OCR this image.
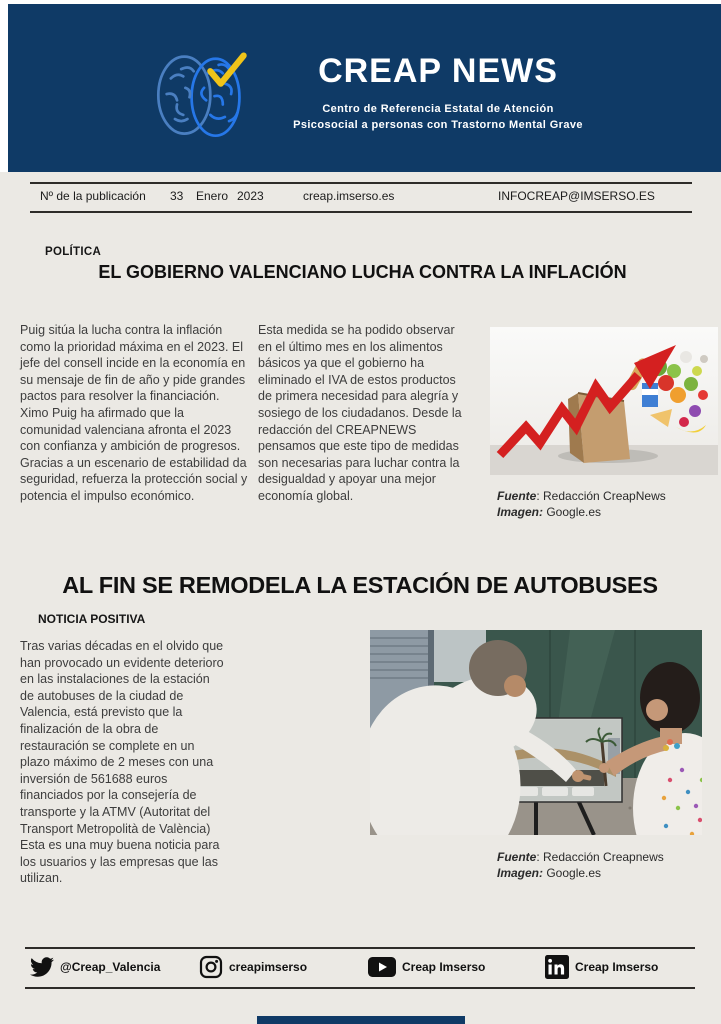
CREAP NEWS
Centro de Referencia Estatal de Atención
Psicosocial a personas con Trastorno Mental Grave
Nº de la publicación 33 Enero 2023	creap.imserso.es	INFOCREAP@IMSERSO.ES
POLÍTICA
EL GOBIERNO VALENCIANO LUCHA CONTRA LA INFLACIÓN

Puig sitúa la lucha contra la inflación como la prioridad máxima en el 2023. El jefe del consell incide en la economía en su mensaje de fin de año y pide grandes pactos para resolver la financiación. Ximo Puig ha afirmado que la comunidad valenciana afronta el 2023 con confianza y ambición de progresos. Gracias a un escenario de estabilidad da seguridad, refuerza la protección social y potencia el impulso económico.

Esta medida se ha podido observar en el último mes en los alimentos básicos ya que el gobierno ha eliminado el IVA de estos productos de primera necesidad para alegría y sosiego de los ciudadanos. Desde la redacción del CREAPNEWS pensamos que este tipo de medidas son necesarias para luchar contra la desigualdad y apoyar una mejor economía global.	Fuente: Redacción CreapNews
Imagen: Google.es
AL FIN SE REMODELA LA ESTACIÓN DE AUTOBUSES
NOTICIA POSITIVA

Tras varias décadas en el olvido que han provocado un evidente deterioro en las instalaciones de la estación de autobuses de la ciudad de Valencia, está previsto que la finalización de la obra de restauración se complete en un plazo máximo de 2 meses con una inversión de 561688 euros financiados por la consejería de transporte y la ATMV (Autoritat del Transport Metropolità de València) Esta es una muy buena noticia para los usuarios y las empresas que las utilizan.

Fuente: Redacción Creapnews
Imagen: Google.es
@Creap_Valencia	creapimserso	Creap Imserso	Creap Imserso
